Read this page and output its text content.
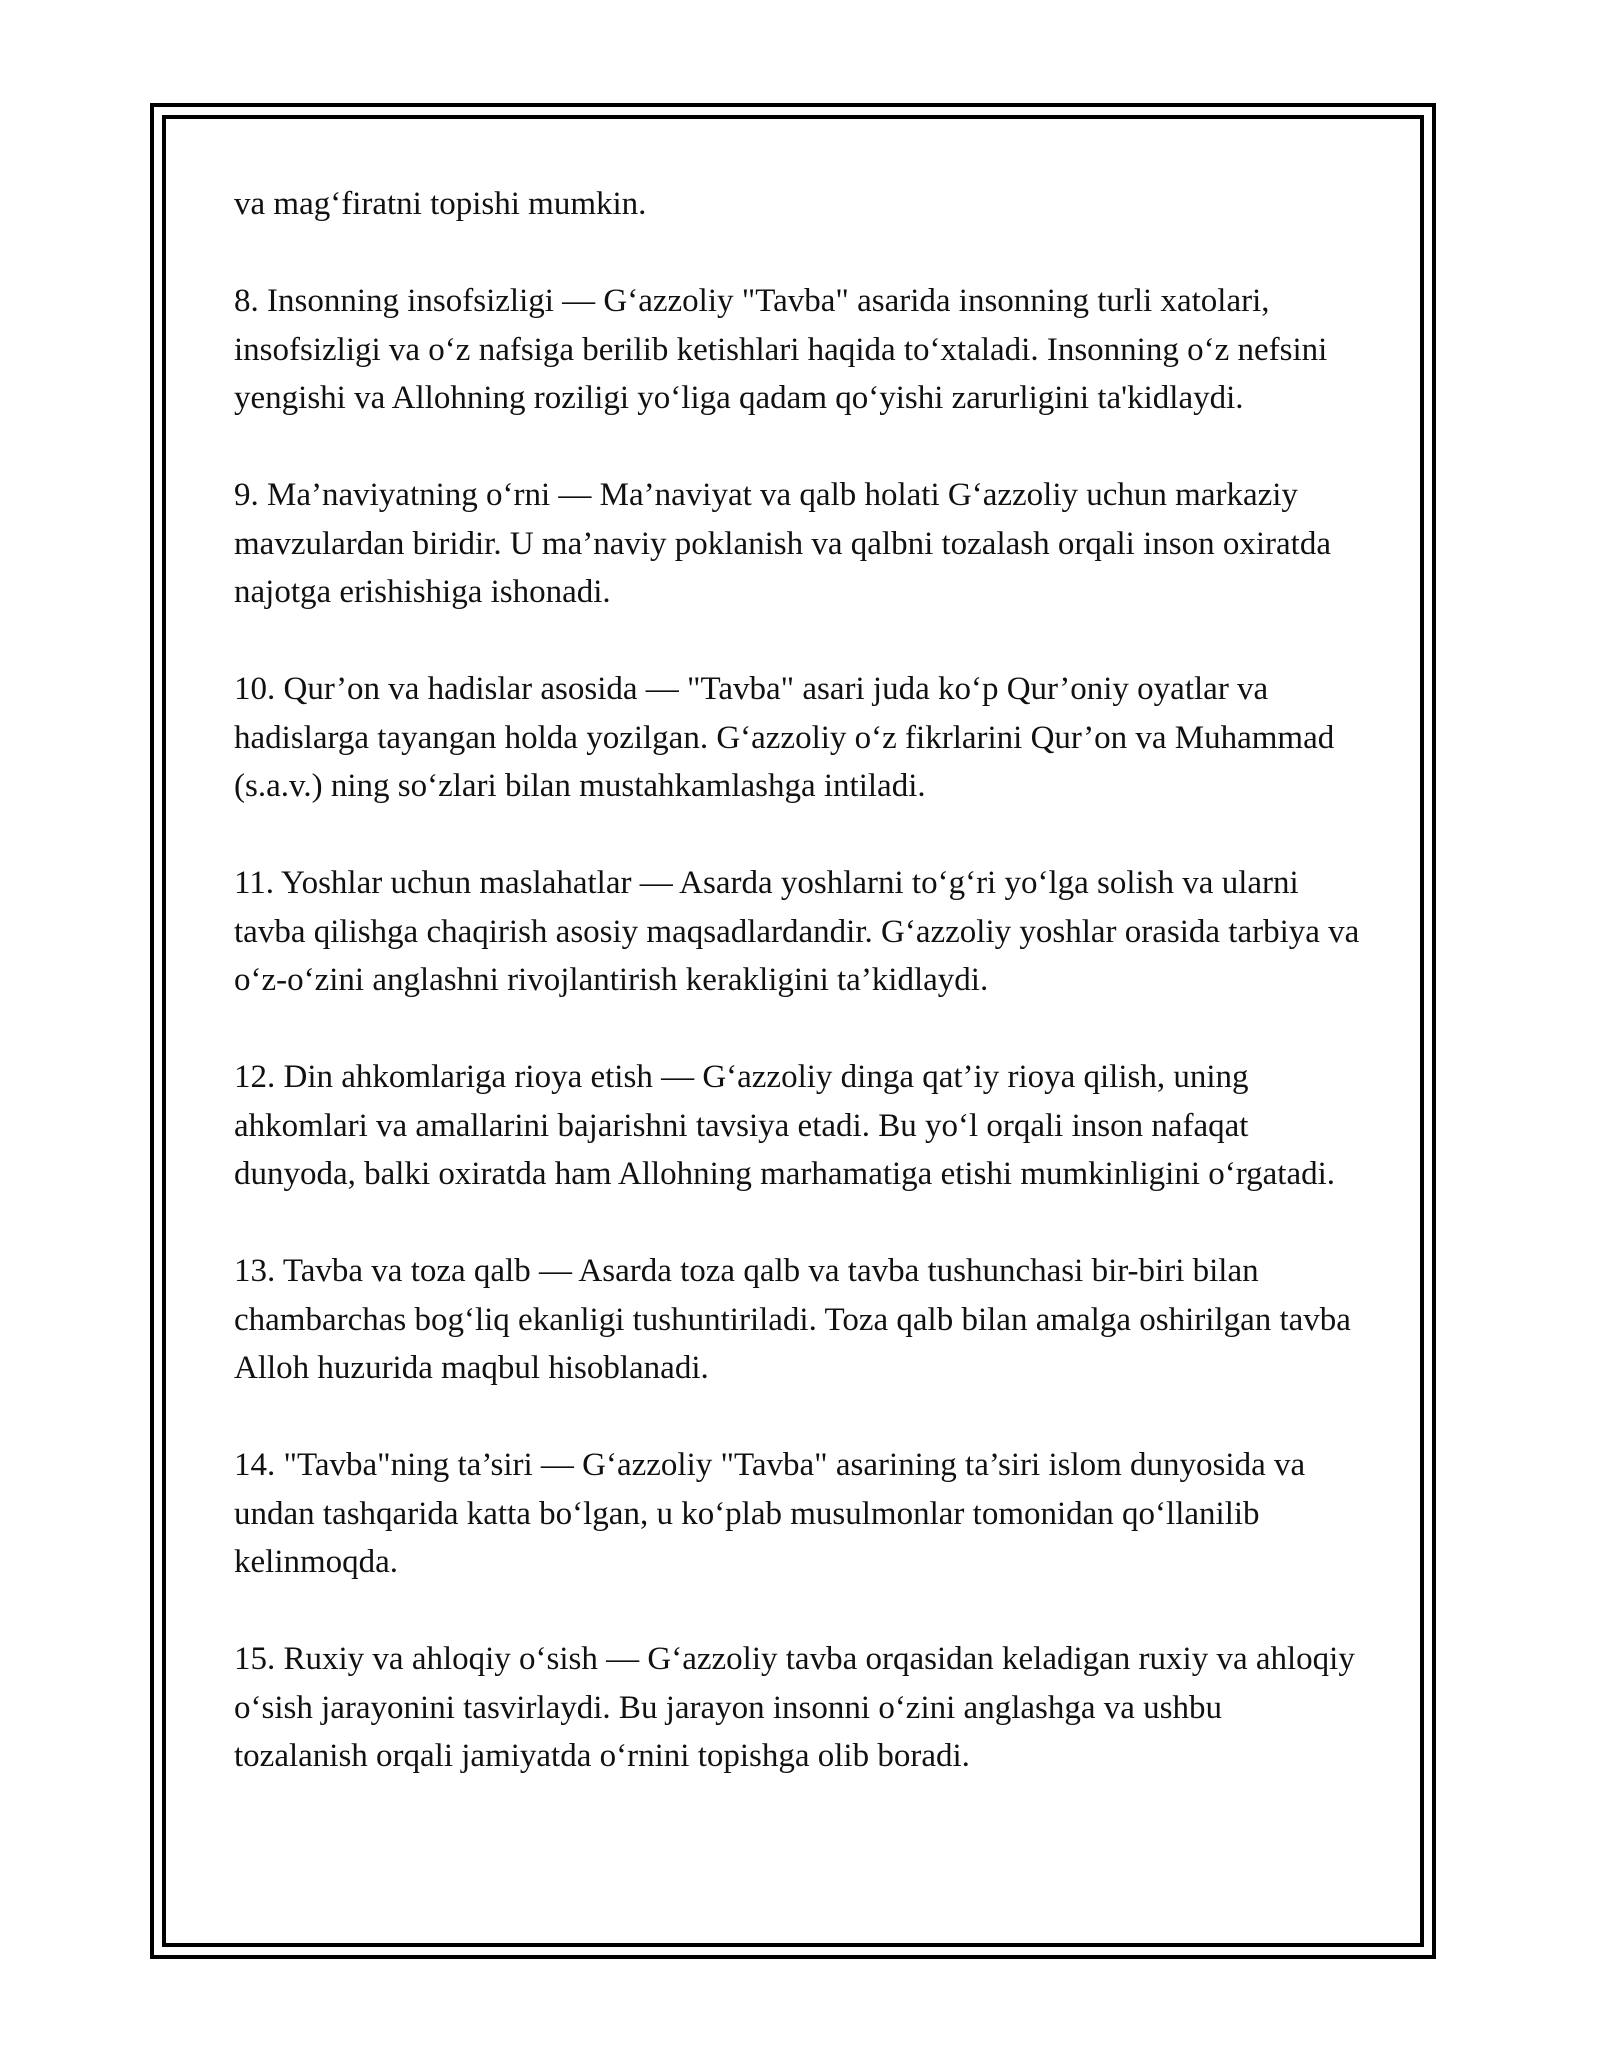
va mag‘firatni topishi mumkin.

8. Insonning insofsizligi — G‘azzoliy "Tavba" asarida insonning turli xatolari, insofsizligi va o‘z nafsiga berilib ketishlari haqida to‘xtaladi. Insonning o‘z nefsini yengishi va Allohning roziligi yo‘liga qadam qo‘yishi zarurligini ta'kidlaydi.

9. Ma’naviyatning o‘rni — Ma’naviyat va qalb holati G‘azzoliy uchun markaziy mavzulardan biridir. U ma’naviy poklanish va qalbni tozalash orqali inson oxiratda najotga erishishiga ishonadi.

10. Qur’on va hadislar asosida — "Tavba" asari juda ko‘p Qur’oniy oyatlar va hadislarga tayangan holda yozilgan. G‘azzoliy o‘z fikrlarini Qur’on va Muhammad (s.a.v.) ning so‘zlari bilan mustahkamlashga intiladi.

11. Yoshlar uchun maslahatlar — Asarda yoshlarni to‘g‘ri yo‘lga solish va ularni tavba qilishga chaqirish asosiy maqsadlardandir. G‘azzoliy yoshlar orasida tarbiya va o‘z-o‘zini anglashni rivojlantirish kerakligini ta’kidlaydi.

12. Din ahkomlariga rioya etish — G‘azzoliy dinga qat’iy rioya qilish, uning ahkomlari va amallarini bajarishni tavsiya etadi. Bu yo‘l orqali inson nafaqat dunyoda, balki oxiratda ham Allohning marhamatiga etishi mumkinligini o‘rgatadi.

13. Tavba va toza qalb — Asarda toza qalb va tavba tushunchasi bir-biri bilan chambarchas bog‘liq ekanligi tushuntiriladi. Toza qalb bilan amalga oshirilgan tavba Alloh huzurida maqbul hisoblanadi.

14. "Tavba"ning ta’siri — G‘azzoliy "Tavba" asarining ta’siri islom dunyosida va undan tashqarida katta bo‘lgan, u ko‘plab musulmonlar tomonidan qo‘llanilib kelinmoqda.

15. Ruxiy va ahloqiy o‘sish — G‘azzoliy tavba orqasidan keladigan ruxiy va ahloqiy o‘sish jarayonini tasvirlaydi. Bu jarayon insonni o‘zini anglashga va ushbu tozalanish orqali jamiyatda o‘rnini topishga olib boradi.
